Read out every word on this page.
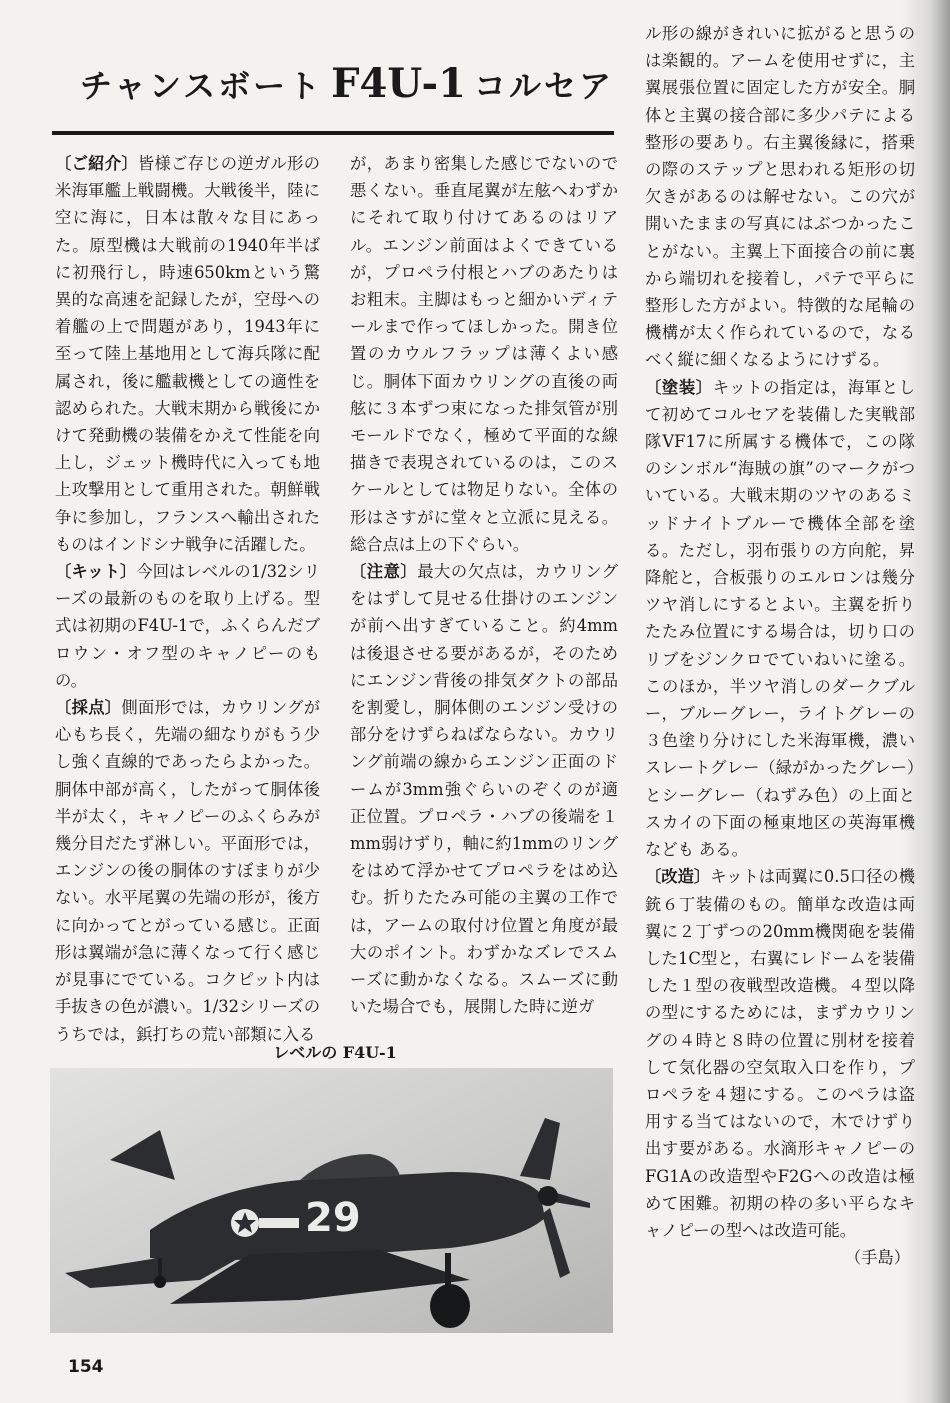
チャンスボート F4U-1 コルセア

〔ご紹介〕皆様ご存じの逆ガル形の米海軍艦上戦闘機。大戦後半，陸に空に海に，日本は散々な目にあった。原型機は大戦前の1940年半ばに初飛行し，時速650kmという驚異的な高速を記録したが，空母への着艦の上で問題があり，1943年に至って陸上基地用として海兵隊に配属され，後に艦載機としての適性を認められた。大戦末期から戦後にかけて発動機の装備をかえて性能を向上し，ジェット機時代に入っても地上攻撃用として重用された。朝鮮戦争に参加し，フランスへ輸出されたものはインドシナ戦争に活躍した。

〔キット〕今回はレベルの1/32シリーズの最新のものを取り上げる。型式は初期のF4U-1で，ふくらんだブロウン・オフ型のキャノピーのもの。

〔採点〕側面形では，カウリングが心もち長く，先端の細なりがもう少し強く直線的であったらよかった。胴体中部が高く，したがって胴体後半が太く，キャノピーのふくらみが幾分目だたず淋しい。平面形では，エンジンの後の胴体のすぼまりが少ない。水平尾翼の先端の形が，後方に向かってとがっている感じ。正面形は翼端が急に薄くなって行く感じが見事にでている。コクピット内は手抜きの色が濃い。1/32シリーズのうちでは，鋲打ちの荒い部類に入る

が，あまり密集した感じでないので悪くない。垂直尾翼が左舷へわずかにそれて取り付けてあるのはリアル。エンジン前面はよくできているが，プロペラ付根とハブのあたりはお粗末。主脚はもっと細かいディテールまで作ってほしかった。開き位置のカウルフラップは薄くよい感じ。胴体下面カウリングの直後の両舷に３本ずつ束になった排気管が別モールドでなく，極めて平面的な線描きで表現されているのは，このスケールとしては物足りない。全体の形はさすがに堂々と立派に見える。総合点は上の下ぐらい。

〔注意〕最大の欠点は，カウリングをはずして見せる仕掛けのエンジンが前へ出すぎていること。約4mmは後退させる要があるが，そのためにエンジン背後の排気ダクトの部品を割愛し，胴体側のエンジン受けの部分をけずらねばならない。カウリング前端の線からエンジン正面のドームが3mm強ぐらいのぞくのが適正位置。プロペラ・ハブの後端を１mm弱けずり，軸に約1mmのリングをはめて浮かせてプロペラをはめ込む。折りたたみ可能の主翼の工作では，アームの取付け位置と角度が最大のポイント。わずかなズレでスムーズに動かなくなる。スムーズに動いた場合でも，展開した時に逆ガ

ル形の線がきれいに拡がると思うのは楽観的。アームを使用せずに，主翼展張位置に固定した方が安全。胴体と主翼の接合部に多少パテによる整形の要あり。右主翼後縁に，搭乗の際のステップと思われる矩形の切欠きがあるのは解せない。この穴が開いたままの写真にはぶつかったことがない。主翼上下面接合の前に裏から端切れを接着し，パテで平らに整形した方がよい。特徴的な尾輪の機構が太く作られているので，なるべく縦に細くなるようにけずる。

〔塗装〕キットの指定は，海軍として初めてコルセアを装備した実戦部隊VF17に所属する機体で，この隊のシンボル“海賊の旗”のマークがついている。大戦末期のツヤのあるミッドナイトブルーで機体全部を塗る。ただし，羽布張りの方向舵，昇降舵と，合板張りのエルロンは幾分ツヤ消しにするとよい。主翼を折りたたみ位置にする場合は，切り口のリブをジンクロでていねいに塗る。このほか，半ツヤ消しのダークブルー，ブルーグレー，ライトグレーの３色塗り分けにした米海軍機，濃いスレートグレー（緑がかったグレー）とシーグレー（ねずみ色）の上面とスカイの下面の極東地区の英海軍機なども ある。

〔改造〕キットは両翼に0.5口径の機銃６丁装備のもの。簡単な改造は両翼に２丁ずつの20mm機関砲を装備した1C型と，右翼にレドームを装備した１型の夜戦型改造機。４型以降の型にするためには，まずカウリングの４時と８時の位置に別材を接着して気化器の空気取入口を作り，プロペラを４翅にする。このペラは盗用する当てはないので，木でけずり出す要がある。水滴形キャノピーのFG1Aの改造型やF2Gへの改造は極めて困難。初期の枠の多い平らなキャノピーの型へは改造可能。

（手島）

レベルの F4U-1
29
154
